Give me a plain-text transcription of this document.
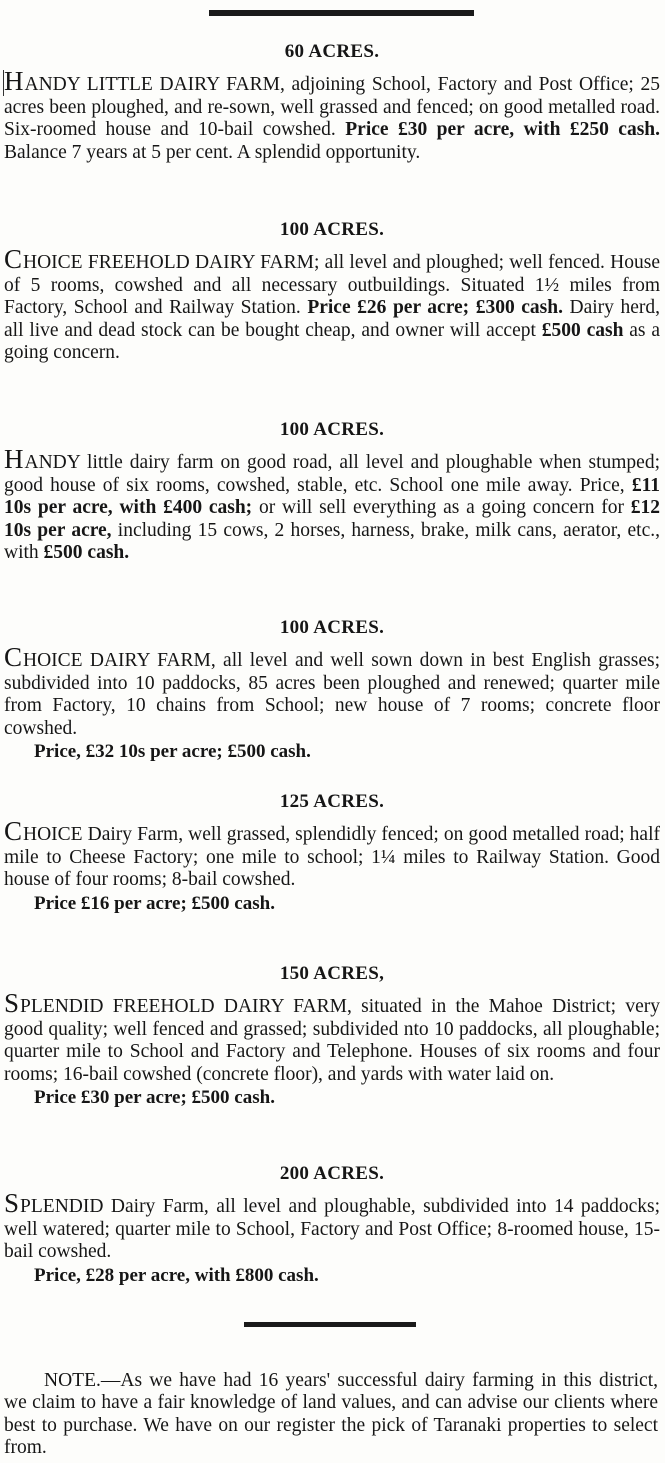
60 ACRES.

HANDY LITTLE DAIRY FARM, adjoining School, Factory and Post Office; 25 acres been ploughed, and re-sown, well grassed and fenced; on good metalled road. Six-roomed house and 10-bail cowshed. Price £30 per acre, with £250 cash. Balance 7 years at 5 per cent. A splendid opportunity.

100 ACRES.

CHOICE FREEHOLD DAIRY FARM; all level and ploughed; well fenced. House of 5 rooms, cowshed and all necessary outbuildings. Situated 1½ miles from Factory, School and Railway Station. Price £26 per acre; £300 cash. Dairy herd, all live and dead stock can be bought cheap, and owner will accept £500 cash as a going concern.

100 ACRES.

HANDY little dairy farm on good road, all level and ploughable when stumped; good house of six rooms, cowshed, stable, etc. School one mile away. Price, £11 10s per acre, with £400 cash; or will sell everything as a going concern for £12 10s per acre, including 15 cows, 2 horses, harness, brake, milk cans, aerator, etc., with £500 cash.

100 ACRES.

CHOICE DAIRY FARM, all level and well sown down in best English grasses; subdivided into 10 paddocks, 85 acres been ploughed and renewed; quarter mile from Factory, 10 chains from School; new house of 7 rooms; concrete floor cowshed.

Price, £32 10s per acre; £500 cash.

125 ACRES.

CHOICE Dairy Farm, well grassed, splendidly fenced; on good metalled road; half mile to Cheese Factory; one mile to school; 1¼ miles to Railway Station. Good house of four rooms; 8-bail cowshed.

Price £16 per acre; £500 cash.

150 ACRES,

SPLENDID FREEHOLD DAIRY FARM, situated in the Mahoe District; very good quality; well fenced and grassed; subdivided nto 10 paddocks, all ploughable; quarter mile to School and Factory and Telephone. Houses of six rooms and four rooms; 16-bail cowshed (concrete floor), and yards with water laid on.

Price £30 per acre; £500 cash.

200 ACRES.

SPLENDID Dairy Farm, all level and ploughable, subdivided into 14 paddocks; well watered; quarter mile to School, Factory and Post Office; 8-roomed house, 15-bail cowshed.

Price, £28 per acre, with £800 cash.

NOTE.—As we have had 16 years' successful dairy farming in this district, we claim to have a fair knowledge of land values, and can advise our clients where best to purchase. We have on our register the pick of Taranaki properties to select from.
